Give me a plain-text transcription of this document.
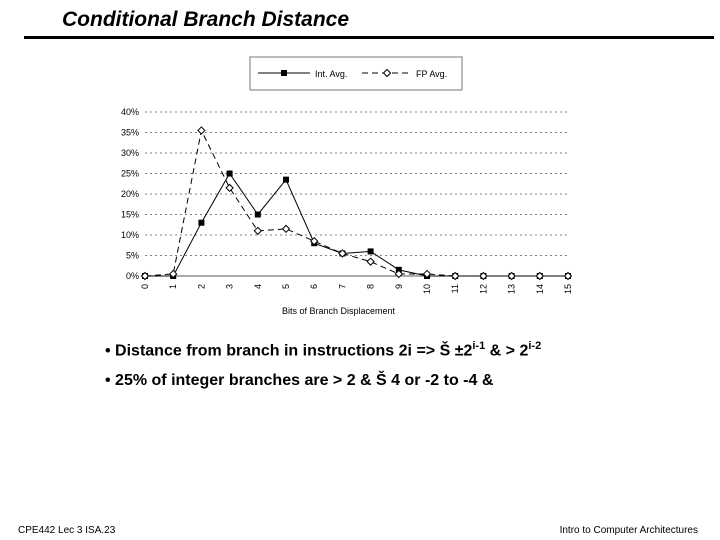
Conditional Branch Distance
Int. Avg.	FP Avg.
0%
5%
10%
15%
20%
25%
30%
35%
40%
0 1 2 3 4 5 6 7 8 9 10 11 12 13 14 15
Bits of Branch Displacement
• Distance from branch in instructions 2i => Š $\pm 2^{i-1}$ & > $2^{i-2}$
• 25% of integer branches are > 2 & Š 4 or -2 to -4 &
CPE442 Lec 3 ISA.23	Intro to Computer Architectures
